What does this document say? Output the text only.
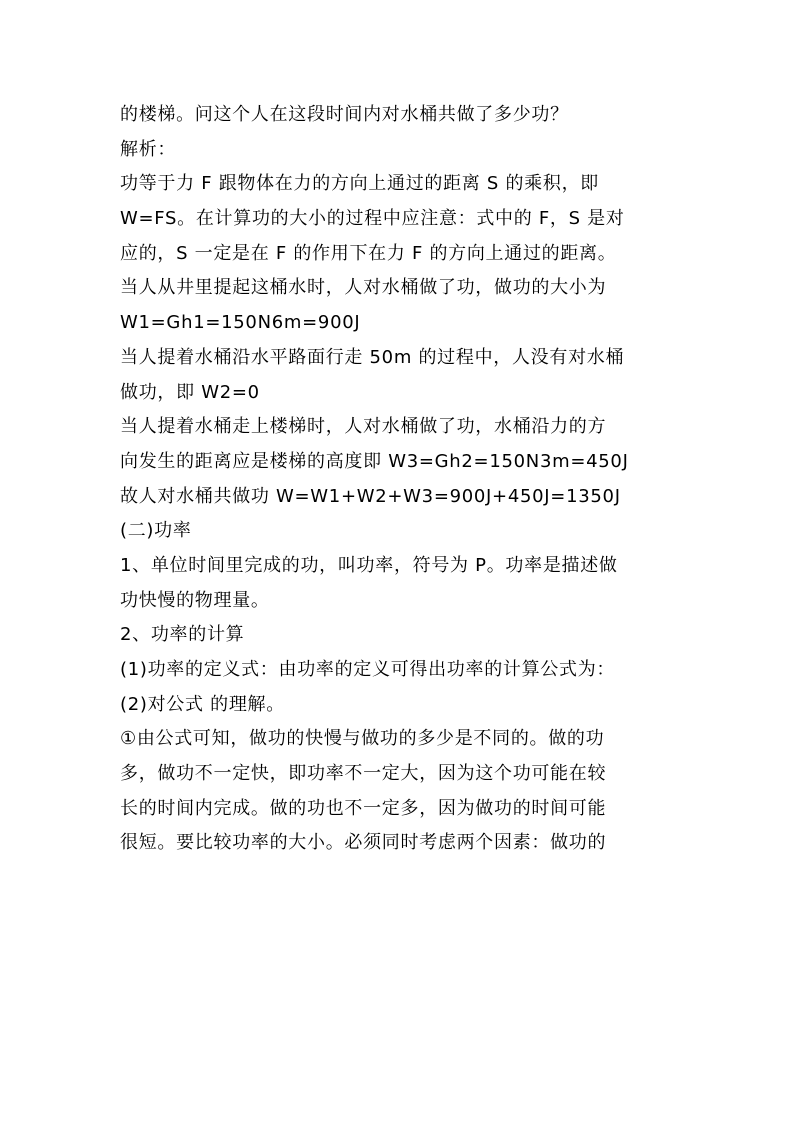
的楼梯。问这个人在这段时间内对水桶共做了多少功？
解析：
功等于力 F 跟物体在力的方向上通过的距离 S 的乘积，即
W=FS。在计算功的大小的过程中应注意：式中的 F，S 是对
应的，S 一定是在 F 的作用下在力 F 的方向上通过的距离。
当人从井里提起这桶水时，人对水桶做了功，做功的大小为
W1=Gh1=150N6m=900J
当人提着水桶沿水平路面行走 50m 的过程中，人没有对水桶
做功，即 W2=0
当人提着水桶走上楼梯时，人对水桶做了功，水桶沿力的方
向发生的距离应是楼梯的高度即 W3=Gh2=150N3m=450J
故人对水桶共做功 W=W1+W2+W3=900J+450J=1350J
(二)功率
1、单位时间里完成的功，叫功率，符号为 P。功率是描述做
功快慢的物理量。
2、功率的计算
(1)功率的定义式：由功率的定义可得出功率的计算公式为：
(2)对公式 的理解。
①由公式可知，做功的快慢与做功的多少是不同的。做的功
多，做功不一定快，即功率不一定大，因为这个功可能在较
长的时间内完成。做的功也不一定多，因为做功的时间可能
很短。要比较功率的大小。必须同时考虑两个因素：做功的
